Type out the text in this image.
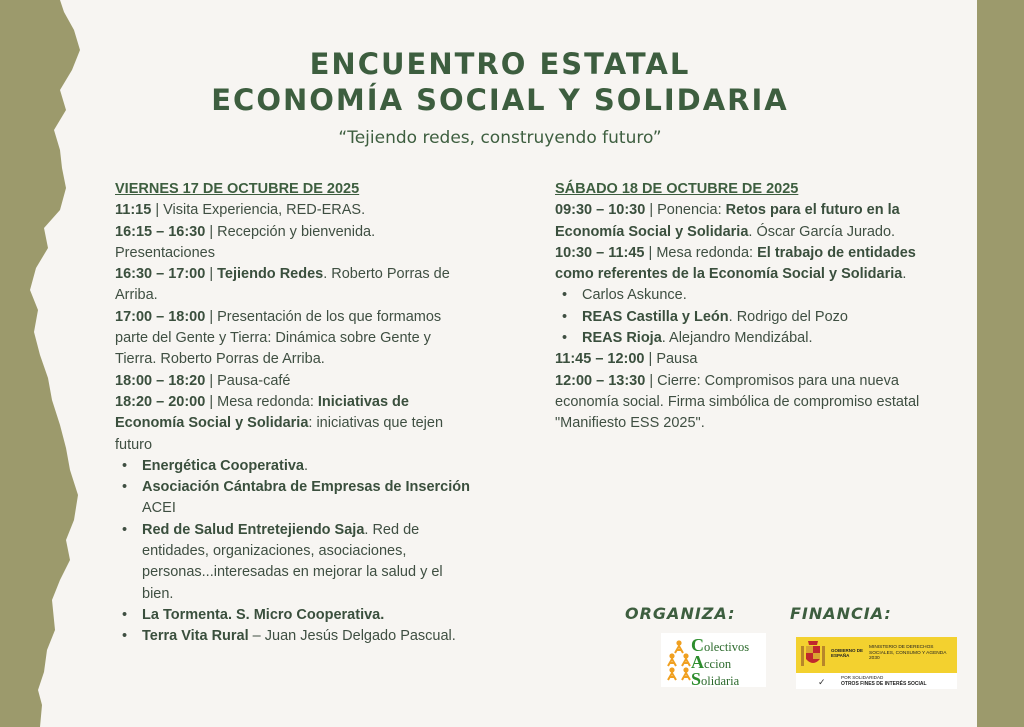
ENCUENTRO ESTATAL
ECONOMÍA SOCIAL Y SOLIDARIA
“Tejiendo redes, construyendo futuro”
VIERNES 17 DE OCTUBRE DE 2025
11:15 | Visita Experiencia, RED-ERAS.
16:15 – 16:30 | Recepción y bienvenida. Presentaciones
16:30 – 17:00 | Tejiendo Redes. Roberto Porras de Arriba.
17:00 – 18:00 | Presentación de los que formamos parte del Gente y Tierra: Dinámica sobre Gente y Tierra. Roberto Porras de Arriba.
18:00 – 18:20 | Pausa-café
18:20 – 20:00 | Mesa redonda: Iniciativas de Economía Social y Solidaria: iniciativas que tejen futuro
• Energética Cooperativa.
• Asociación Cántabra de Empresas de Inserción ACEI
• Red de Salud Entretejiendo Saja. Red de entidades, organizaciones, asociaciones, personas...interesadas en mejorar la salud y el bien.
• La Tormenta. S. Micro Cooperativa.
• Terra Vita Rural – Juan Jesús Delgado Pascual.
SÁBADO 18 DE OCTUBRE DE 2025
09:30 – 10:30 | Ponencia: Retos para el futuro en la Economía Social y Solidaria. Óscar García Jurado.
10:30 – 11:45 | Mesa redonda: El trabajo de entidades como referentes de la Economía Social y Solidaria.
• Carlos Askunce.
• REAS Castilla y León. Rodrigo del Pozo
• REAS Rioja. Alejandro Mendizábal.
11:45 – 12:00 | Pausa
12:00 – 13:30 | Cierre: Compromisos para una nueva economía social. Firma simbólica de compromiso estatal "Manifiesto ESS 2025".
ORGANIZA:	FINANCIA:
Colectivos
Accion
Solidaria
GOBIERNO DE ESPAÑA
MINISTERIO DE DERECHOS SOCIALES, CONSUMO Y AGENDA 2030
✓	POR SOLIDARIDAD
OTROS FINES DE INTERÉS SOCIAL
